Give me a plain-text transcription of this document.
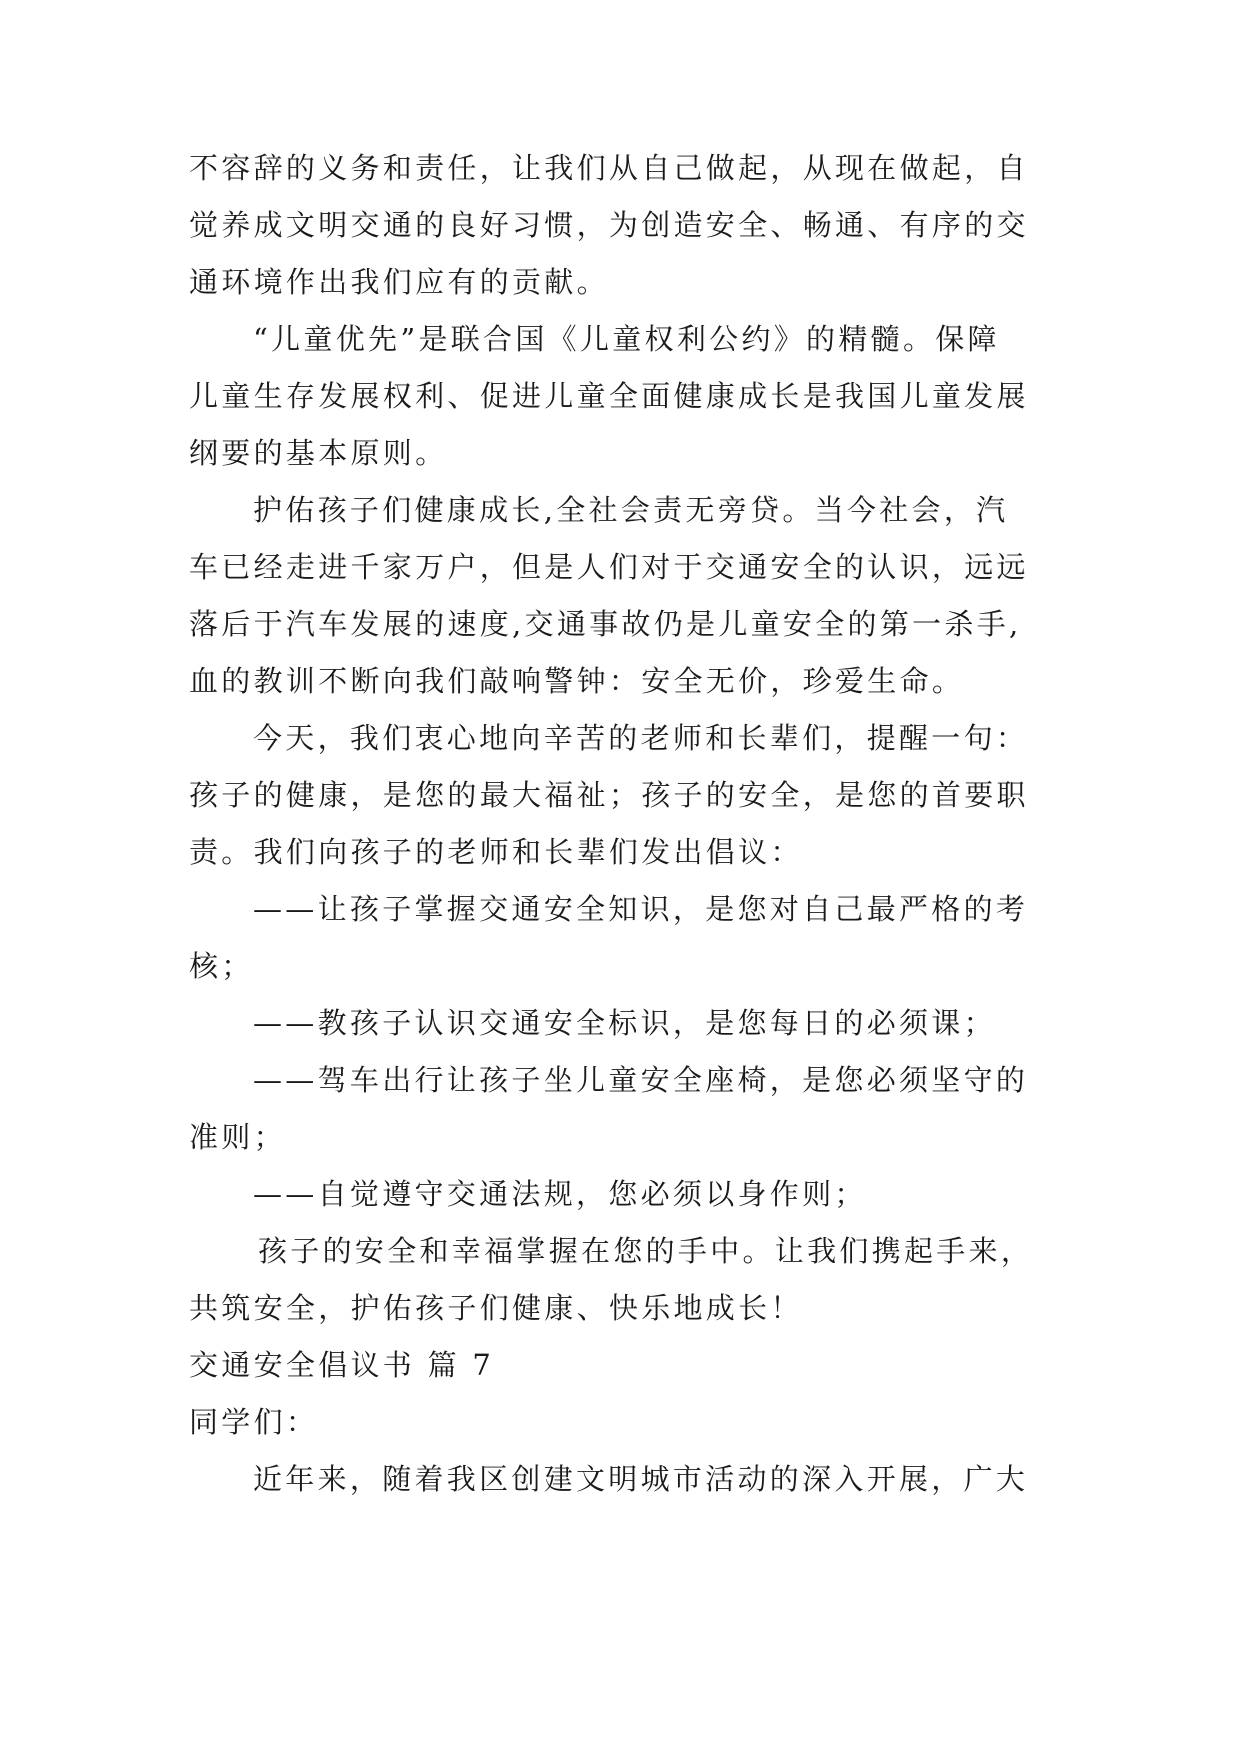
不容辞的义务和责任，让我们从自己做起，从现在做起，自
觉养成文明交通的良好习惯，为创造安全、畅通、有序的交
通环境作出我们应有的贡献。
“儿童优先”是联合国《儿童权利公约》的精髓。保障
儿童生存发展权利、促进儿童全面健康成长是我国儿童发展
纲要的基本原则。
护佑孩子们健康成长,全社会责无旁贷。当今社会，汽
车已经走进千家万户，但是人们对于交通安全的认识，远远
落后于汽车发展的速度,交通事故仍是儿童安全的第一杀手,
血的教训不断向我们敲响警钟：安全无价，珍爱生命。
今天，我们衷心地向辛苦的老师和长辈们，提醒一句：
孩子的健康，是您的最大福祉；孩子的安全，是您的首要职
责。我们向孩子的老师和长辈们发出倡议：
——让孩子掌握交通安全知识，是您对自己最严格的考
核；
——教孩子认识交通安全标识，是您每日的必须课；
——驾车出行让孩子坐儿童安全座椅，是您必须坚守的
准则；
——自觉遵守交通法规，您必须以身作则；
孩子的安全和幸福掌握在您的手中。让我们携起手来，
共筑安全，护佑孩子们健康、快乐地成长！
交通安全倡议书 篇 7
同学们：
近年来，随着我区创建文明城市活动的深入开展，广大
